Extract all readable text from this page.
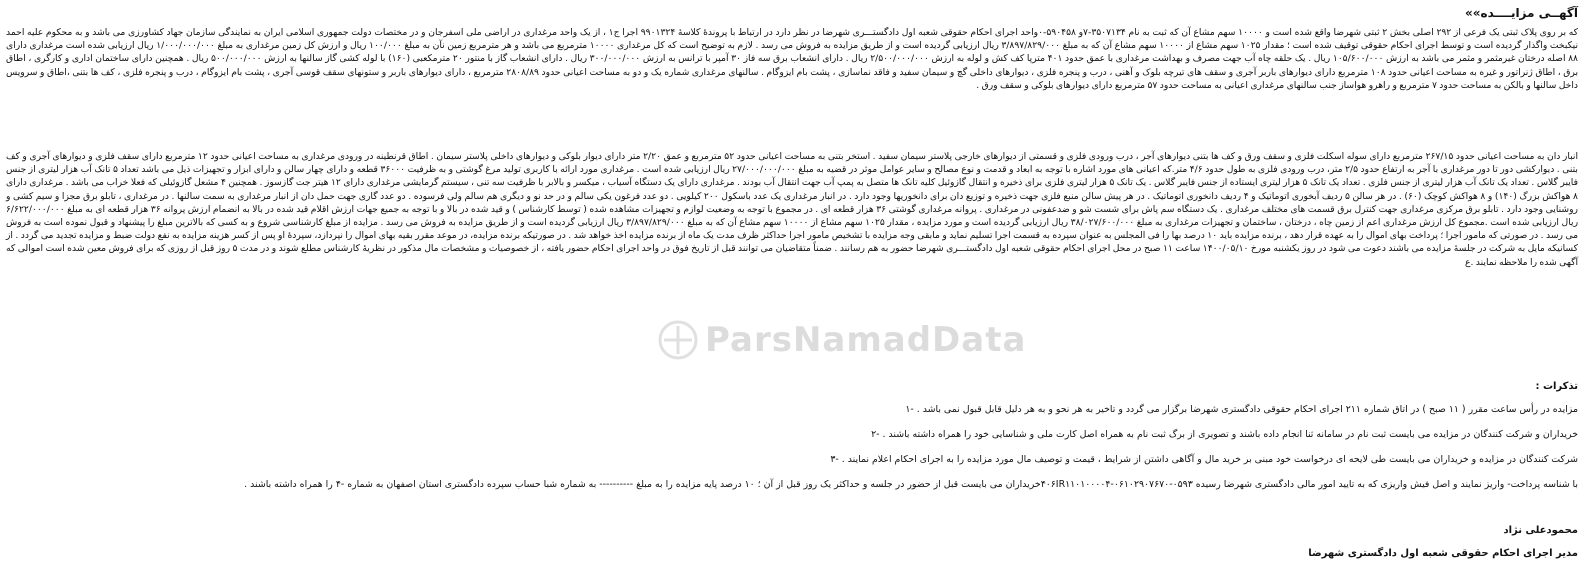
آگهــی مزایــــده»»

که بر روی پلاک ثبتی یک فرعی از ۲۹۲ اصلی بخش ۲ ثبتی شهرضا واقع شده است و ۱۰۰۰۰ سهم مشاع آن که ثبت به نام ۳۵۰۷۱۳۴-۷و ۵۹۰۴۵۸-۰واحد اجرای احکام حقوقی شعبه اول دادگستـــری شهرضا در نظر دارد در ارتباط با پروندهٔ کلاسهٔ ۹۹۰۱۳۲۴ اجرا ج۱ ، از یک واحد مرغداری در اراضی ملی اسفرجان و در مختصات دولت جمهوری اسلامی ایران به نمایندگی سازمان جهاد کشاورزی می باشد و به محکوم علیه احمد نیکبخت واگذار گردیده است و توسط اجرای احکام حقوقی توقیف شده است ؛ مقدار ۱۰۲۵ سهم مشاع از ۱۰۰۰۰ سهم مشاع آن که به مبلغ ۳/۸۹۷/۸۲۹/۰۰۰ ریال ارزیابی گردیده است و از طریق مزایده به فروش می رسد . لازم به توضیح است که کل مرغداری ۱۰۰۰۰ مترمربع می باشد و هر مترمربع زمین نآن به مبلغ ۱۰۰/۰۰۰ ریال و ارزش کل زمین مرغداری به مبلغ ۱/۰۰۰/۰۰۰/۰۰۰ ریال ارزیابی شده است مرغداری دارای ۸۸ اصله درختان غیرمثمر و مثمر می باشد به ارزش ۱۰۵/۶۰۰/۰۰۰ ریال . یک حلقه چاه آب جهت مصرف و بهداشت مرغداری با عمق حدود ۴۰۱ مترپا کف کش و لوله به ارزش ۲/۵۰۰/۰۰۰/۰۰۰ ریال . دارای انشعاب برق سه فاز ۳۰ آمپر با ترانس به ارزش ۳۰۰/۰۰۰/۰۰۰ ریال . دارای انشعاب گاز با منتور ۲۰ مترمکعبی (۱۶۰) با لوله کشی گاز سالنها به ارزش ۵۰۰/۰۰۰/۰۰۰ ریال . همچنین دارای ساختمان اداری و کارگری ، اطاق برق ، اطاق ژنراتور و غیره به مساحت اعیانی حدود ۱۰۸ مترمربع دارای دیوارهای باربر آجری و سقف های تیرچه بلوک و آهنی ، درب و پنجره فلزی ، دیوارهای داخلی گچ و سیمان سفید و فاقد نماسازی ، پشت بام ایزوگام . سالنهای مرغداری شماره یک و دو به مساحت اعیانی حدود ۲۸۰۸/۸۹ مترمربع ، دارای دیوارهای باربر و ستونهای سقف قوسی آجری ، پشت بام ایزوگام ، درب و پنجره فلزی ، کف ها بتنی ،اطاق و سرویس داخل سالنها و بالکن به مساحت حدود ۷ مترمربع و راهرو هواساز جنب سالنهای مرغداری اعیانی به مساحت حدود ۵۷ مترمربع دارای دیوارهای بلوکی و سقف ورق .

انبار دان به مساحت اعیانی حدود ۲۶۷/۱۵ مترمربع دارای سوله اسکلت فلزی و سقف ورق و کف ها بتنی دیوارهای آجر ، درب ورودی فلزی و قسمتی از دیوارهای خارجی پلاستر سیمان سفید . استخر بتنی به مساحت اعیانی حدود ۵۲ مترمربع و عمق ۲/۲۰ متر دارای دیوار بلوکی و دیوارهای داخلی پلاستر سیمان . اطاق قرنطینه در ورودی مرغداری به مساحت اعیانی حدود ۱۲ مترمربع دارای سقف فلزی و دیوارهای آجری و کف بتنی . دیوارکشی دور تا دور مرغداری با آجر به ارتفاع حدود ۲/۵ متر، درب ورودی فلزی به طول حدود ۴/۶ متر.که اعیانی های مورد اشاره با توجه به ابعاد و قدمت و نوع مصالح و سایر عوامل موثر در قضیه به مبلغ ۲۷/۰۰۰/۰۰۰/۰۰۰ ریال ارزیابی شده است . مرغداری مورد ارائه با کاربری تولید مرغ گوشتی و به ظرفیت ۳۶۰۰۰ قطعه و دارای چهار سالن و دارای ابزار و تجهیزات ذیل می باشد تعداد ۵ تانک آب هزار لیتری از جنس فایبر گلاس . تعداد یک تانک آب هزار لیتری از جنس فلزی . تعداد یک تانک ۵ هزار لیتری ایستاده از جنس فایبر گلاس . یک تانک ۵ هزار لیتری فلزی برای ذخیره و انتقال گازوئیل کلیه تانک ها متصل به پمپ آب جهت انتقال آب بودند . مرغداری دارای یک دستگاه آسیاب ، میکسر و بالابر با ظرفیت سه تنی ، سیستم گرمایشی مرغداری دارای ۱۲ هیتر جت گازسوز . همچنین ۴ مشعل گازوئیلی که فعلا خراب می باشد . مرغداری دارای ۸ هواکش بزرگ (۱۴۰) و ۸ هواکش کوچک (۶۰) . در هر سالن ۵ ردیف آبخوری اتوماتیک و ۴ ردیف دانخوری اتوماتیک . در هر پیش سالن منبع فلزی جهت ذخیره و توزیع دان برای دانخوریها وجود دارد . در انبار مرغداری یک عدد باسکول ۲۰۰ کیلویی . دو عدد فرغون یکی سالم و در حد نو و دیگری هم سالم ولی فرسوده . دو عدد گاری جهت حمل دان از انبار مرغداری به سمت سالنها . در مرغداری ، تابلو برق مجزا و سیم کشی و روشنایی وجود دارد . تابلو برق مرکزی مرغداری جهت کنترل برق قسمت های مختلف مرغداری . یک دستگاه سم پاش برای شست شو و ضدعفونی در مرغداری . پروانه مرغداری گوشتی ۳۶ هزار قطعه ای . در مجموع با توجه به وضعیت لوازم و تجهیزات مشاهده شده ( توسط کارشناس ) و قید شده در بالا و با توجه به جمیع جهات ارزش اقلام قید شده در بالا به انضمام ارزش پروانه ۳۶ هزار قطعه ای به مبلغ ۶/۶۲۲/۰۰۰/۰۰۰ ریال ارزیابی شده است .مجموع کل ارزش مرغداری اعم از زمین چاه ، درختان ، ساختمان و تجهیزات مرغداری به مبلغ ۳۸/۰۲۷/۶۰۰/۰۰۰ ریال ارزیابی گردیده است و مورد مزایده ، مقدار ۱۰۲۵ سهم مشاع از ۱۰۰۰۰ سهم مشاع آن که به مبلغ ۳/۸۹۷/۸۲۹/۰۰۰ ریال ارزیابی گردیده است و از طریق مزایده به فروش می رسد . مزایده از مبلغ کارشناسی شروع و به کسی که بالاترین مبلغ را پیشنهاد و قبول نموده است به فروش می رسد . در صورتی که مامور اجرا ؛ پرداخت بهای اموال را به عهده قرار دهد ، برنده مزایده باید ۱۰ درصد بها را فی المجلس به عنوان سپرده به قسمت اجرا تسلیم نماید و مابقی وجه مزایده با تشخیص مامور اجرا حداکثر ظرف مدت یک ماه از برنده مزایده اخذ خواهد شد . در صورتیکه برنده مزایده، در موعد مقرر بقیه بهای اموال را نپردازد، سپردهٔ او پس از کسر هزینه مزایده به نفع دولت ضبط و مزایده تجدید می گردد . از کسانیکه مایل به شرکت در جلسهٔ مزایده می باشند دعوت می شود در روز یکشنبه مورخ ۱۴۰۰/۰۵/۱۰ ساعت ۱۱ صبح در محل اجرای احکام حقوقی شعبه اول دادگستـــری شهرضا حضور به هم رسانند . ضمناً متقاضیان می توانند قبل از تاریخ فوق در واحد اجرای احکام حضور یافته ، از خصوصیات و مشخصات مال مذکور در نظریهٔ کارشناس مطلع شوند و در مدت ۵ روز قبل از روزی که برای فروش معین شده است اموالی که آگهی شده را ملاحظه نمایند .ع

تذکرات :
مزایده در رأس ساعت مقرر ( ۱۱ صبح ) در اتاق شماره ۲۱۱ اجرای احکام حقوقی دادگستری شهرضا برگزار می گردد و تاخیر به هر نحو و به هر دلیل قابل قبول نمی باشد . -۱
خریداران و شرکت کنندگان در مزایده می بایست ثبت نام در سامانه ثنا انجام داده باشند و تصویری از برگ ثبت نام به همراه اصل کارت ملی و شناسایی خود را همراه داشته باشند . -۲
شرکت کنندگان در مزایده و خریداران می بایست طی لایحه ای درخواست خود مبنی بر خرید مال و آگاهی داشتن از شرایط ، قیمت و توصیف مال مورد مزایده را به اجرای احکام اعلام نمایند . -۳
با شناسه پرداخت- واریز نمایند و اصل فیش واریزی که به تایید امور مالی دادگستری شهرضا رسیده ۰۵۹۳-۰۶۱۰۲۹۰۷۶۷۰-۴۰۶IR۱۱۰۱۰۰۰۰۴خریداران می بایست قبل از حضور در جلسه و حداکثر یک روز قبل از آن ؛ ۱۰ درصد پایه مزایده را به مبلغ ---------- به شماره شبا حساب سپرده دادگستری استان اصفهان به شماره -۴ را همراه داشته باشند .
محمودعلی نژاد
مدیر اجرای احکام حقوقی شعبه اول دادگستری شهرضا
ParsNamadData
